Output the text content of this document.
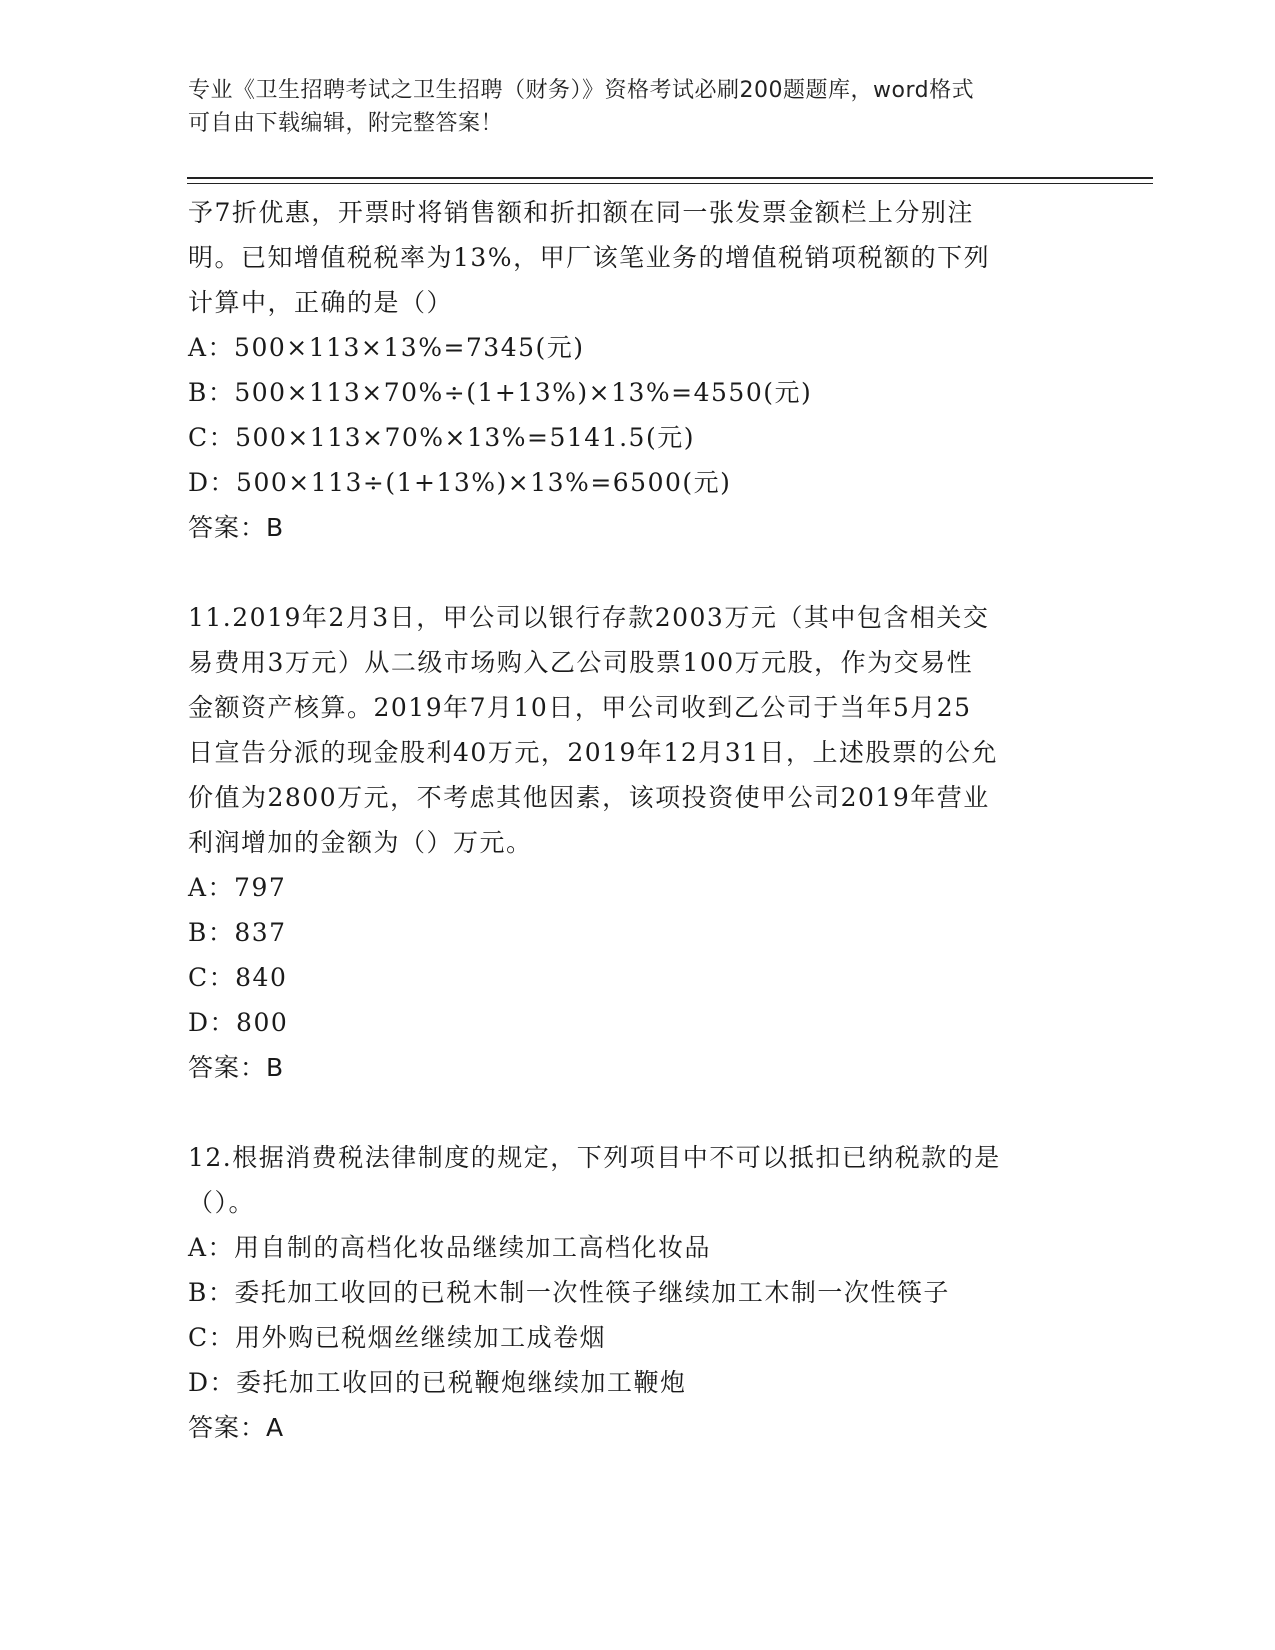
专业《卫生招聘考试之卫生招聘（财务）》资格考试必刷200题题库，word格式
可自由下载编辑，附完整答案！
予7折优惠，开票时将销售额和折扣额在同一张发票金额栏上分别注
明。已知增值税税率为13%，甲厂该笔业务的增值税销项税额的下列
计算中，正确的是（）
A：500×113×13%=7345(元)
B：500×113×70%÷(1+13%)×13%=4550(元)
C：500×113×70%×13%=5141.5(元)
D：500×113÷(1+13%)×13%=6500(元)
答案：B
11.2019年2月3日，甲公司以银行存款2003万元（其中包含相关交
易费用3万元）从二级市场购入乙公司股票100万元股，作为交易性
金额资产核算。2019年7月10日，甲公司收到乙公司于当年5月25
日宣告分派的现金股利40万元，2019年12月31日，上述股票的公允
价值为2800万元，不考虑其他因素，该项投资使甲公司2019年营业
利润增加的金额为（）万元。
A：797
B：837
C：840
D：800
答案：B
12.根据消费税法律制度的规定，下列项目中不可以抵扣已纳税款的是
（）。
A：用自制的高档化妆品继续加工高档化妆品
B：委托加工收回的已税木制一次性筷子继续加工木制一次性筷子
C：用外购已税烟丝继续加工成卷烟
D：委托加工收回的已税鞭炮继续加工鞭炮
答案：A
